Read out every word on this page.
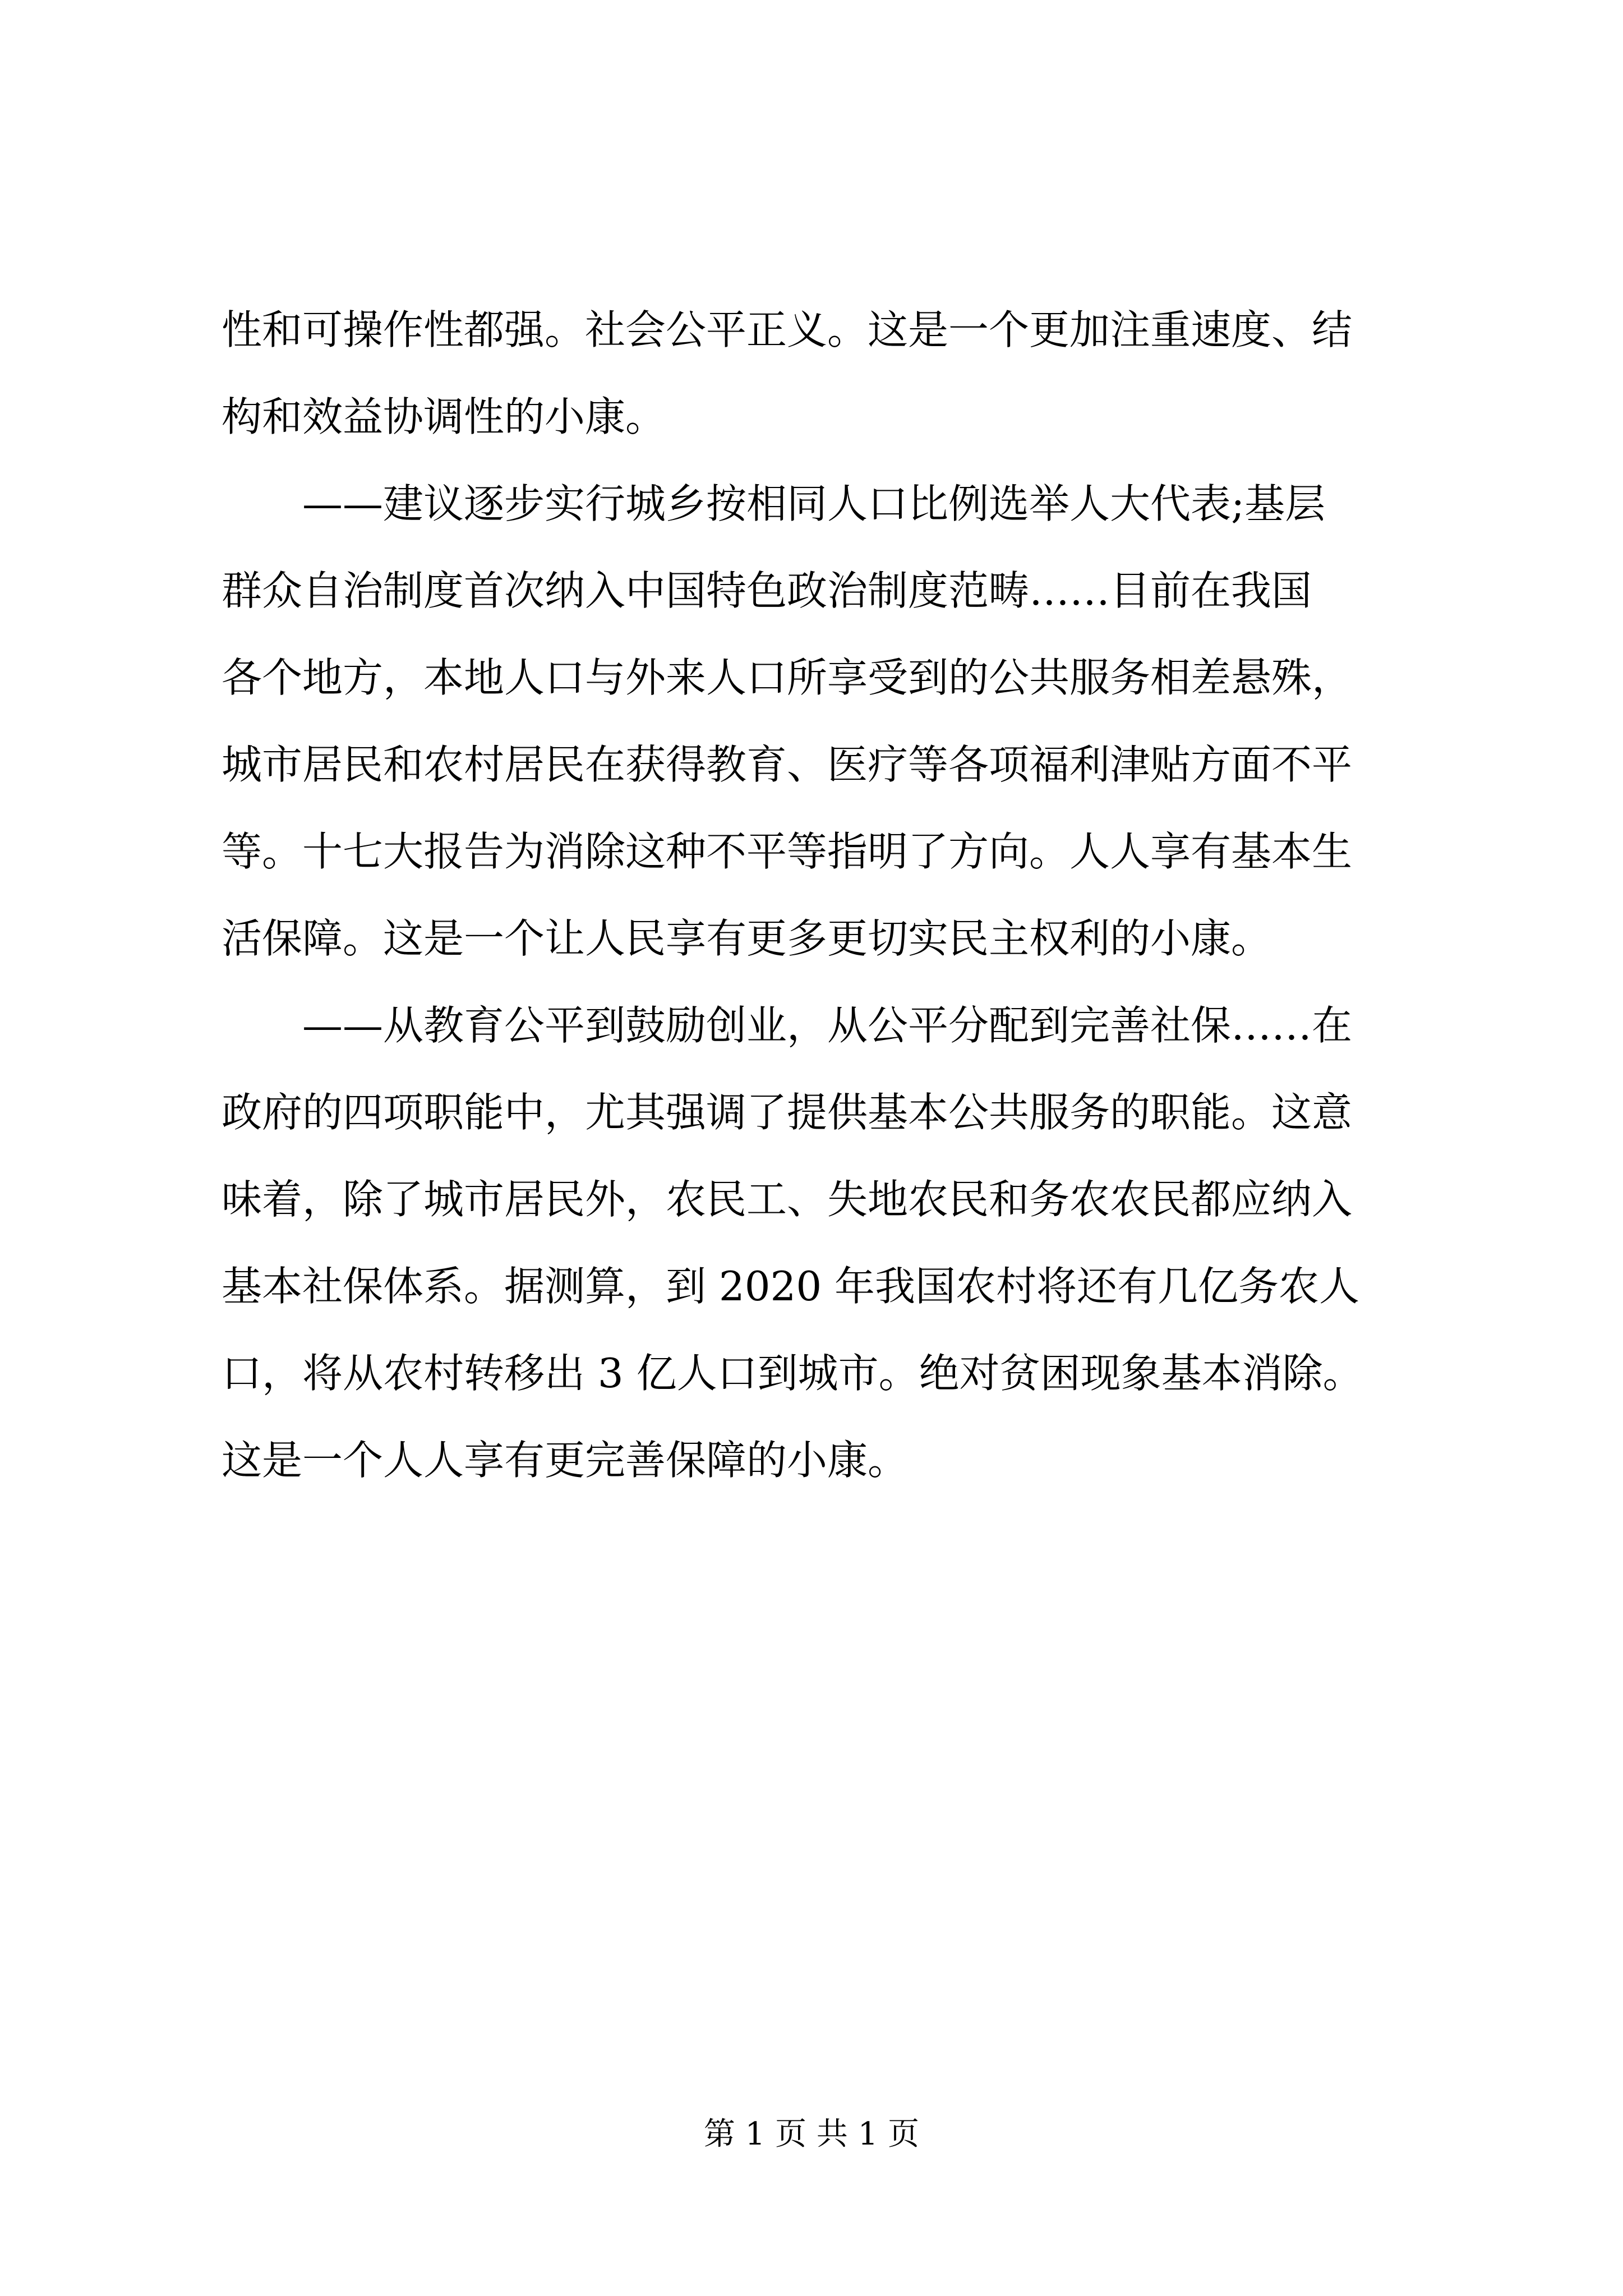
性和可操作性都强。社会公平正义。这是一个更加注重速度、结
构和效益协调性的小康。
——建议逐步实行城乡按相同人口比例选举人大代表;基层
群众自治制度首次纳入中国特色政治制度范畴……目前在我国
各个地方，本地人口与外来人口所享受到的公共服务相差悬殊，
城市居民和农村居民在获得教育、医疗等各项福利津贴方面不平
等。十七大报告为消除这种不平等指明了方向。人人享有基本生
活保障。这是一个让人民享有更多更切实民主权利的小康。
——从教育公平到鼓励创业，从公平分配到完善社保……在
政府的四项职能中，尤其强调了提供基本公共服务的职能。这意
味着，除了城市居民外，农民工、失地农民和务农农民都应纳入
基本社保体系。据测算，到 2020 年我国农村将还有几亿务农人
口，将从农村转移出 3 亿人口到城市。绝对贫困现象基本消除。
这是一个人人享有更完善保障的小康。
第 1 页 共 1 页
